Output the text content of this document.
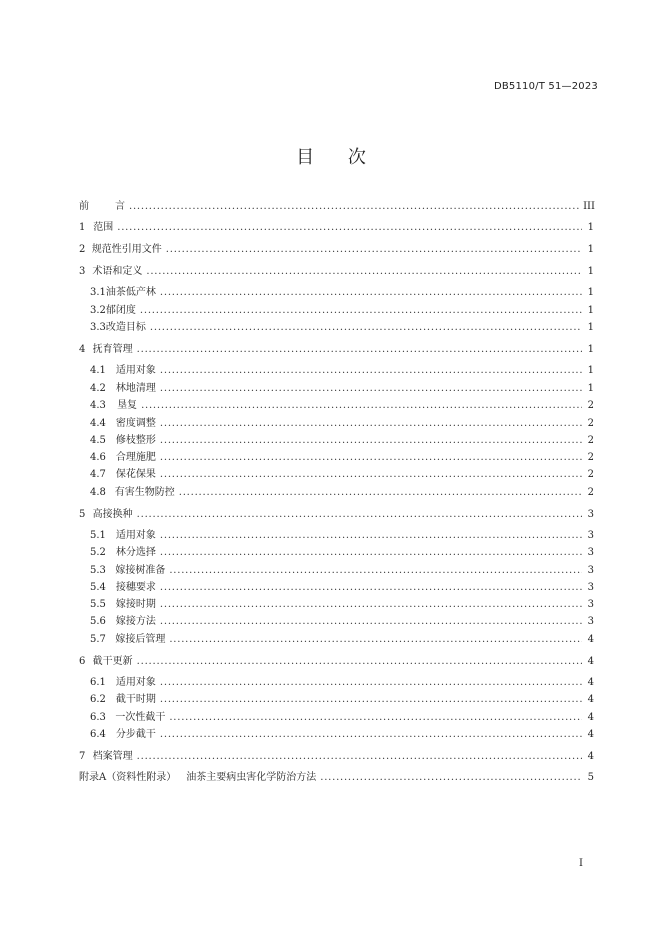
DB5110/T 51—2023
目 次
前	言 . . .	III
1 范围 . . .	1
2 规范性引用文件 . . .	1
3 术语和定义 . . .	1
3.1 油茶低产林 . . .	1
3.2 郁闭度 . . .	1
3.3 改造目标 . . .	1
4 抚育管理 . . .	1
4.1	适用对象 . . .	1
4.2	林地清理 . . .	1
4.3	垦复 . . .	2
4.4	密度调整 . . .	2
4.5	修枝整形 . . .	2
4.6	合理施肥 . . .	2
4.7	保花保果 . . .	2
4.8 有害生物防控 . . .	2
5 高接换种 . . .	3
5.1	适用对象 . . .	3
5.2	林分选择 . . .	3
5.3 嫁接树准备 . . .	3
5.4	接穗要求 . . .	3
5.5	嫁接时期 . . .	3
5.6	嫁接方法 . . .	3
5.7 嫁接后管理 . . .	4
6 截干更新 . . .	4
6.1	适用对象 . . .	4
6.2	截干时期 . . .	4
6.3 一次性截干 . . .	4
6.4	分步截干 . . .	4
7 档案管理 . . .	4
附录A（资料性附录） 油茶主要病虫害化学防治方法 . . .	5
I
